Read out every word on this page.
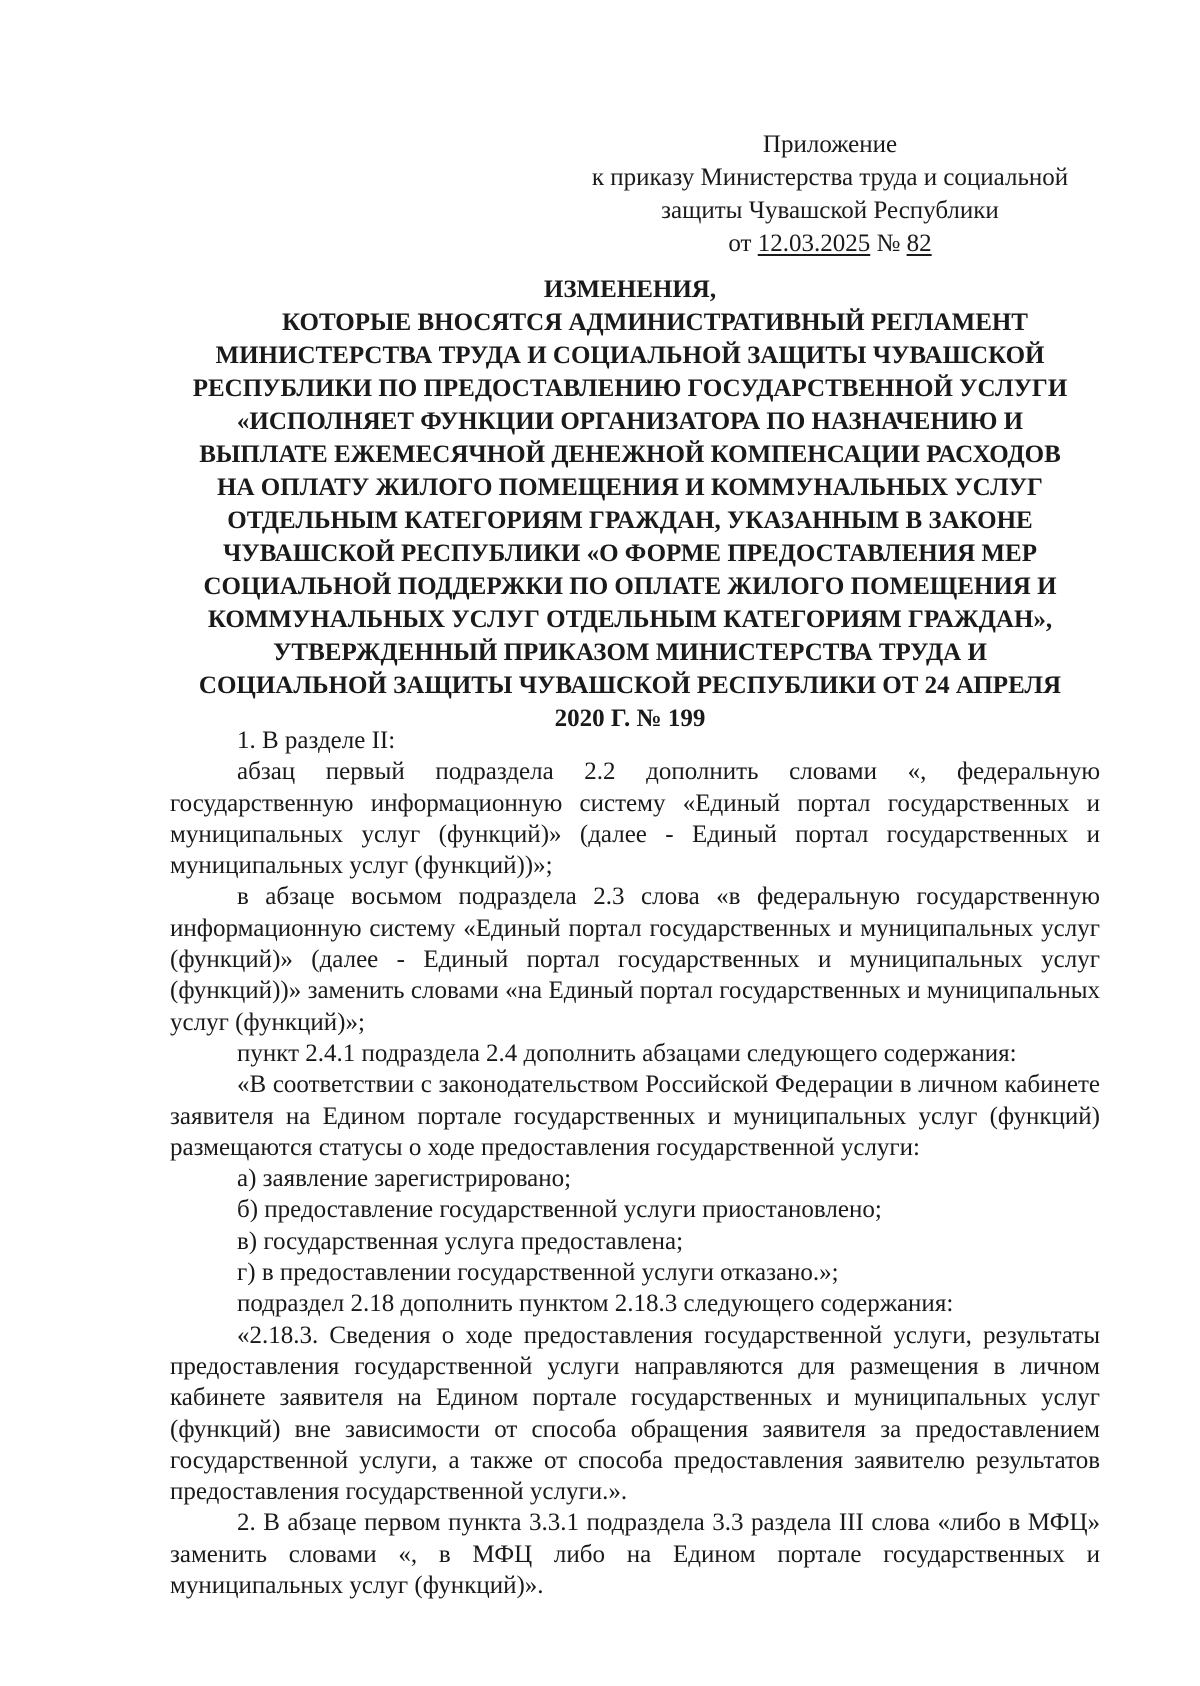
Приложение
к приказу Министерства труда и социальной
защиты Чувашской Республики
от 12.03.2025 № 82
ИЗМЕНЕНИЯ,
КОТОРЫЕ ВНОСЯТСЯ АДМИНИСТРАТИВНЫЙ РЕГЛАМЕНТ
МИНИСТЕРСТВА ТРУДА И СОЦИАЛЬНОЙ ЗАЩИТЫ ЧУВАШСКОЙ
РЕСПУБЛИКИ ПО ПРЕДОСТАВЛЕНИЮ ГОСУДАРСТВЕННОЙ УСЛУГИ
«ИСПОЛНЯЕТ ФУНКЦИИ ОРГАНИЗАТОРА ПО НАЗНАЧЕНИЮ И
ВЫПЛАТЕ ЕЖЕМЕСЯЧНОЙ ДЕНЕЖНОЙ КОМПЕНСАЦИИ РАСХОДОВ
НА ОПЛАТУ ЖИЛОГО ПОМЕЩЕНИЯ И КОММУНАЛЬНЫХ УСЛУГ
ОТДЕЛЬНЫМ КАТЕГОРИЯМ ГРАЖДАН, УКАЗАННЫМ В ЗАКОНЕ
ЧУВАШСКОЙ РЕСПУБЛИКИ «О ФОРМЕ ПРЕДОСТАВЛЕНИЯ МЕР
СОЦИАЛЬНОЙ ПОДДЕРЖКИ ПО ОПЛАТЕ ЖИЛОГО ПОМЕЩЕНИЯ И
КОММУНАЛЬНЫХ УСЛУГ ОТДЕЛЬНЫМ КАТЕГОРИЯМ ГРАЖДАН»,
УТВЕРЖДЕННЫЙ ПРИКАЗОМ МИНИСТЕРСТВА ТРУДА И
СОЦИАЛЬНОЙ ЗАЩИТЫ ЧУВАШСКОЙ РЕСПУБЛИКИ ОТ 24 АПРЕЛЯ
2020 Г. № 199

1. В разделе II:

абзац первый подраздела 2.2 дополнить словами «, федеральную государственную информационную систему «Единый портал государственных и муниципальных услуг (функций)» (далее - Единый портал государственных и муниципальных услуг (функций))»;

в абзаце восьмом подраздела 2.3 слова «в федеральную государственную информационную систему «Единый портал государственных и муниципальных услуг (функций)» (далее - Единый портал государственных и муниципальных услуг (функций))» заменить словами «на Единый портал государственных и муниципальных услуг (функций)»;

пункт 2.4.1 подраздела 2.4 дополнить абзацами следующего содержания:

«В соответствии с законодательством Российской Федерации в личном кабинете заявителя на Едином портале государственных и муниципальных услуг (функций) размещаются статусы о ходе предоставления государственной услуги:

а) заявление зарегистрировано;

б) предоставление государственной услуги приостановлено;

в) государственная услуга предоставлена;

г) в предоставлении государственной услуги отказано.»;

подраздел 2.18 дополнить пунктом 2.18.3 следующего содержания:

«2.18.3. Сведения о ходе предоставления государственной услуги, результаты предоставления государственной услуги направляются для размещения в личном кабинете заявителя на Едином портале государственных и муниципальных услуг (функций) вне зависимости от способа обращения заявителя за предоставлением государственной услуги, а также от способа предоставления заявителю результатов предоставления государственной услуги.».

2. В абзаце первом пункта 3.3.1 подраздела 3.3 раздела III слова «либо в МФЦ» заменить словами «, в МФЦ либо на Едином портале государственных и муниципальных услуг (функций)».
